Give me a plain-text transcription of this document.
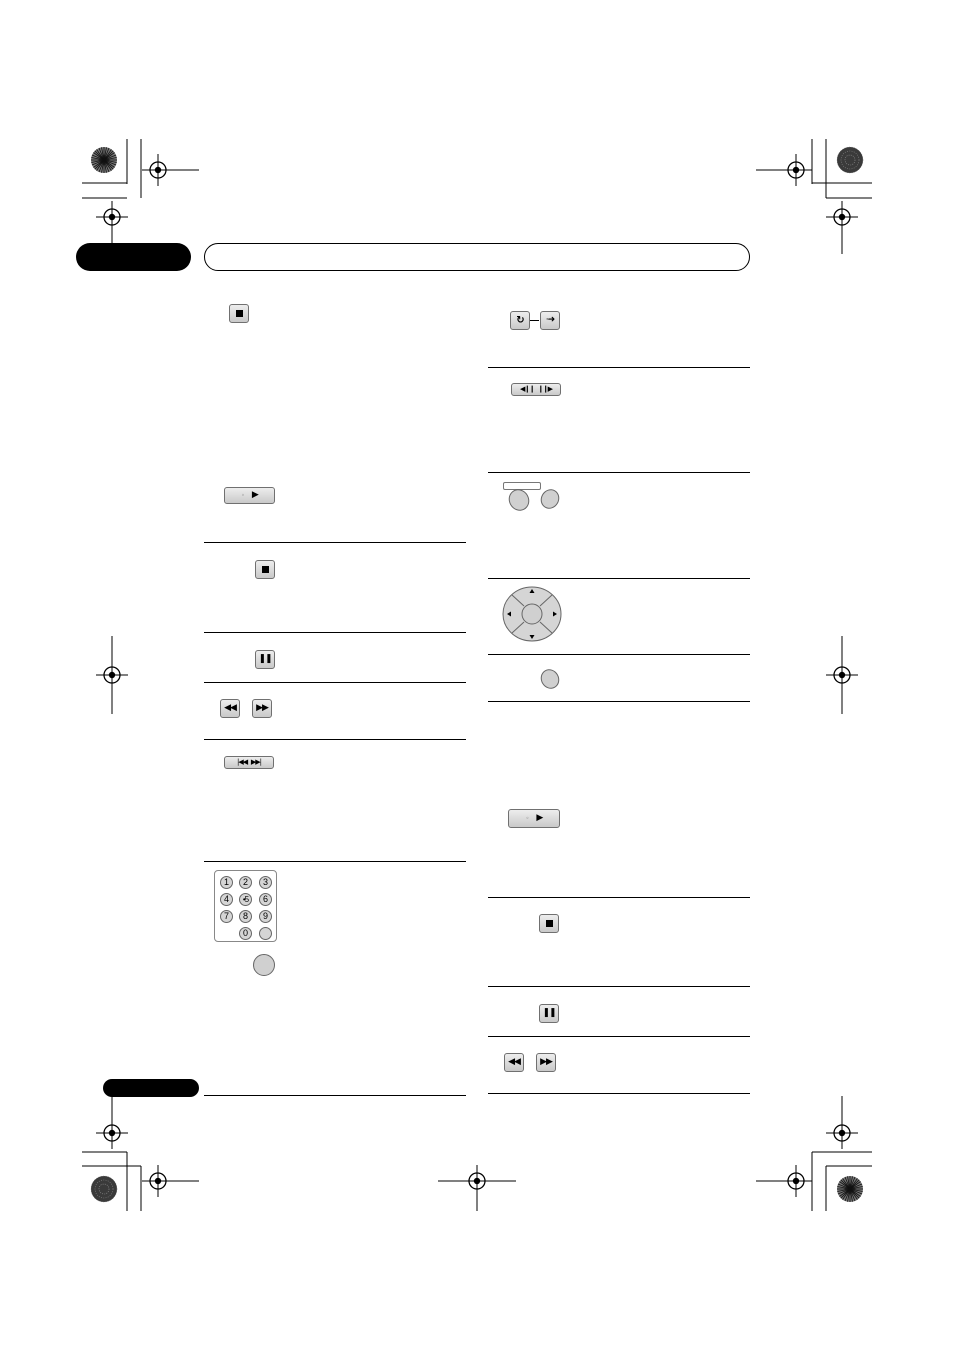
◦ ▶
❚❚
◀◀ ▶▶
|◀◀   ▶▶|
1	2	3
4	•5	6
7	8	9
0
↻ ·➜
◀❙❙   ❙❙▶
◦ ▶
❚❚
◀◀ ▶▶
